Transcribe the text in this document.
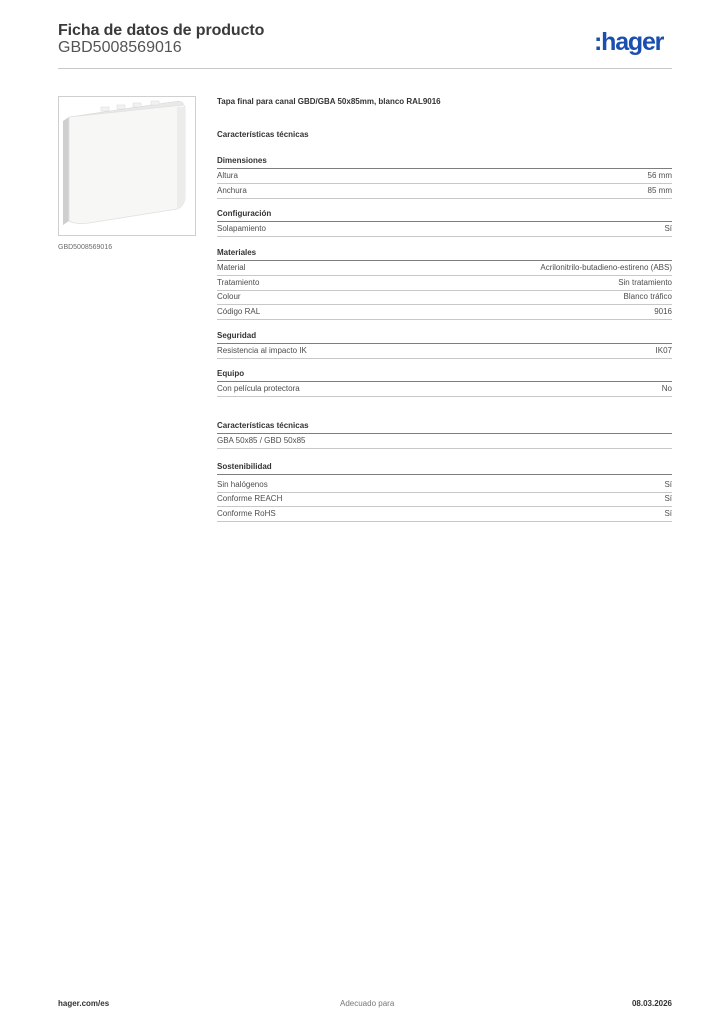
Ficha de datos de producto
GBD5008569016	:hager
GBD5008569016
Tapa final para canal GBD/GBA 50x85mm, blanco RAL9016
Características técnicas
Dimensiones
Altura	56 mm
Anchura	85 mm
Configuración
Solapamiento	Sí
Materiales
Material	Acrilonitrilo-butadieno-estireno (ABS)
Tratamiento	Sin tratamiento
Colour	Blanco tráfico
Código RAL	9016
Seguridad
Resistencia al impacto IK	IK07
Equipo
Con película protectora	No
Características técnicas
GBA 50x85 / GBD 50x85
Sostenibilidad
Sin halógenos	Sí
Conforme REACH	Sí
Conforme RoHS	Sí
hager.com/es	Adecuado para	08.03.2026
